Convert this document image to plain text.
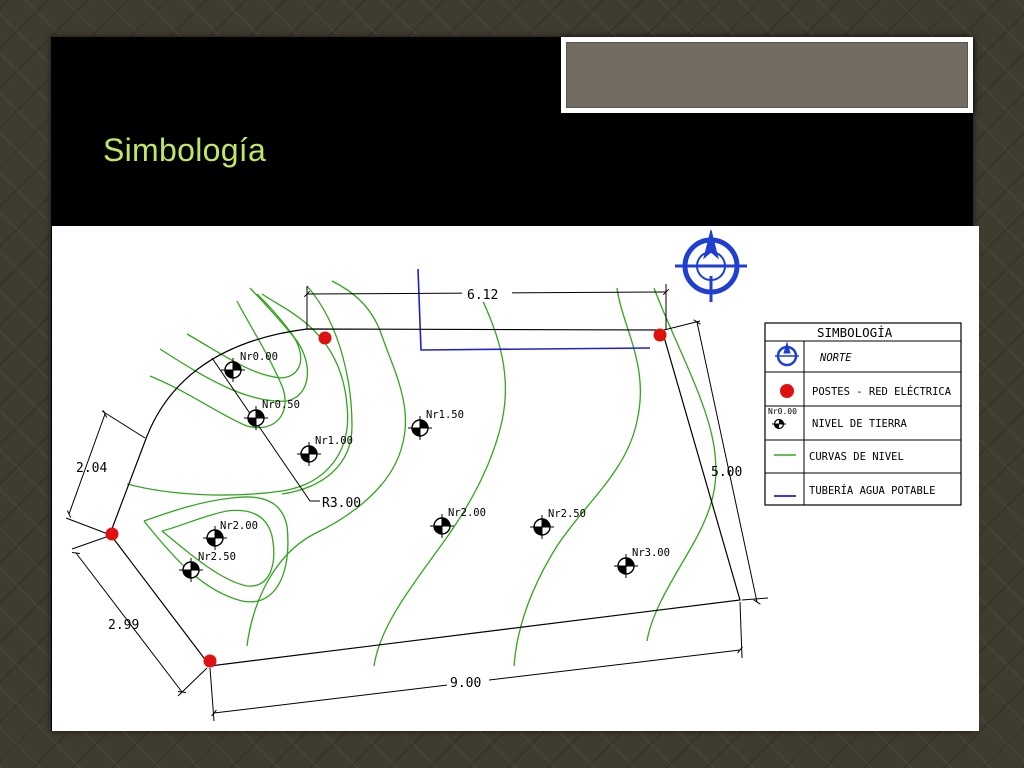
Simbología
6.12
5.00
9.00
2.99
2.04
R3.00
Nr0.00
Nr0.50
Nr1.00
Nr1.50
Nr2.00
Nr2.00
Nr2.50
Nr2.50	Nr3.00
SIMBOLOGÍA
NORTE
POSTES - RED ELÉCTRICA
Nr0.00
NIVEL DE TIERRA
CURVAS DE NIVEL
TUBERÍA AGUA POTABLE
